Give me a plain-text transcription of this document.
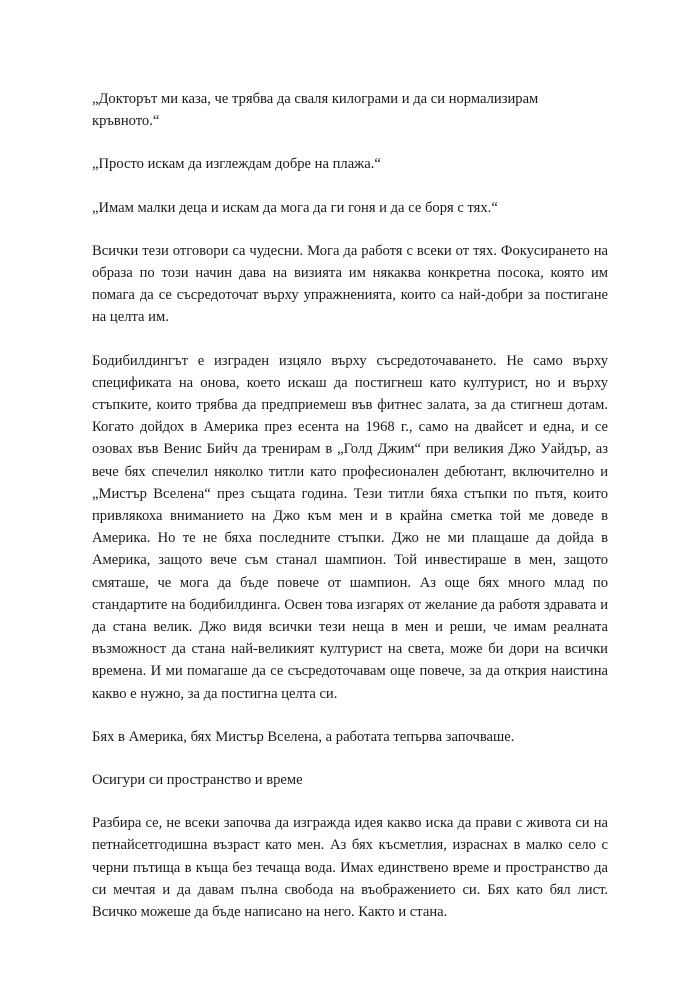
„Докторът ми каза, че трябва да сваля килограми и да си нормализирам кръвното.“

„Просто искам да изглеждам добре на плажа.“

„Имам малки деца и искам да мога да ги гоня и да се боря с тях.“

Всички тези отговори са чудесни. Мога да работя с всеки от тях. Фокусирането на образа по този начин дава на визията им някаква конкретна посока, която им помага да се съсредоточат върху упражненията, които са най-добри за постигане на целта им.

Бодибилдингът е изграден изцяло върху съсредоточаването. Не само върху спецификата на онова, което искаш да постигнеш като културист, но и върху стъпките, които трябва да предприемеш във фитнес залата, за да стигнеш дотам. Когато дойдох в Америка през есента на 1968 г., само на двайсет и една, и се озовах във Венис Бийч да тренирам в „Голд Джим“ при великия Джо Уайдър, аз вече бях спечелил няколко титли като професионален дебютант, включително и „Мистър Вселена“ през същата година. Тези титли бяха стъпки по пътя, които привлякоха вниманието на Джо към мен и в крайна сметка той ме доведе в Америка. Но те не бяха последните стъпки. Джо не ми плащаше да дойда в Америка, защото вече съм станал шампион. Той инвестираше в мен, защото смяташе, че мога да бъде повече от шампион. Аз още бях много млад по стандартите на бодибилдинга. Освен това изгарях от желание да работя здравата и да стана велик. Джо видя всички тези неща в мен и реши, че имам реалната възможност да стана най-великият културист на света, може би дори на всички времена. И ми помагаше да се съсредоточавам още повече, за да открия наистина какво е нужно, за да постигна целта си.

Бях в Америка, бях Мистър Вселена, а работата тепърва започваше.

Осигури си пространство и време

Разбира се, не всеки започва да изгражда идея какво иска да прави с живота си на петнайсетгодишна възраст като мен. Аз бях късметлия, израснах в малко село с черни пътища в къща без течаща вода. Имах единствено време и пространство да си мечтая и да давам пълна свобода на въображението си. Бях като бял лист. Всичко можеше да бъде написано на него. Както и стана.
